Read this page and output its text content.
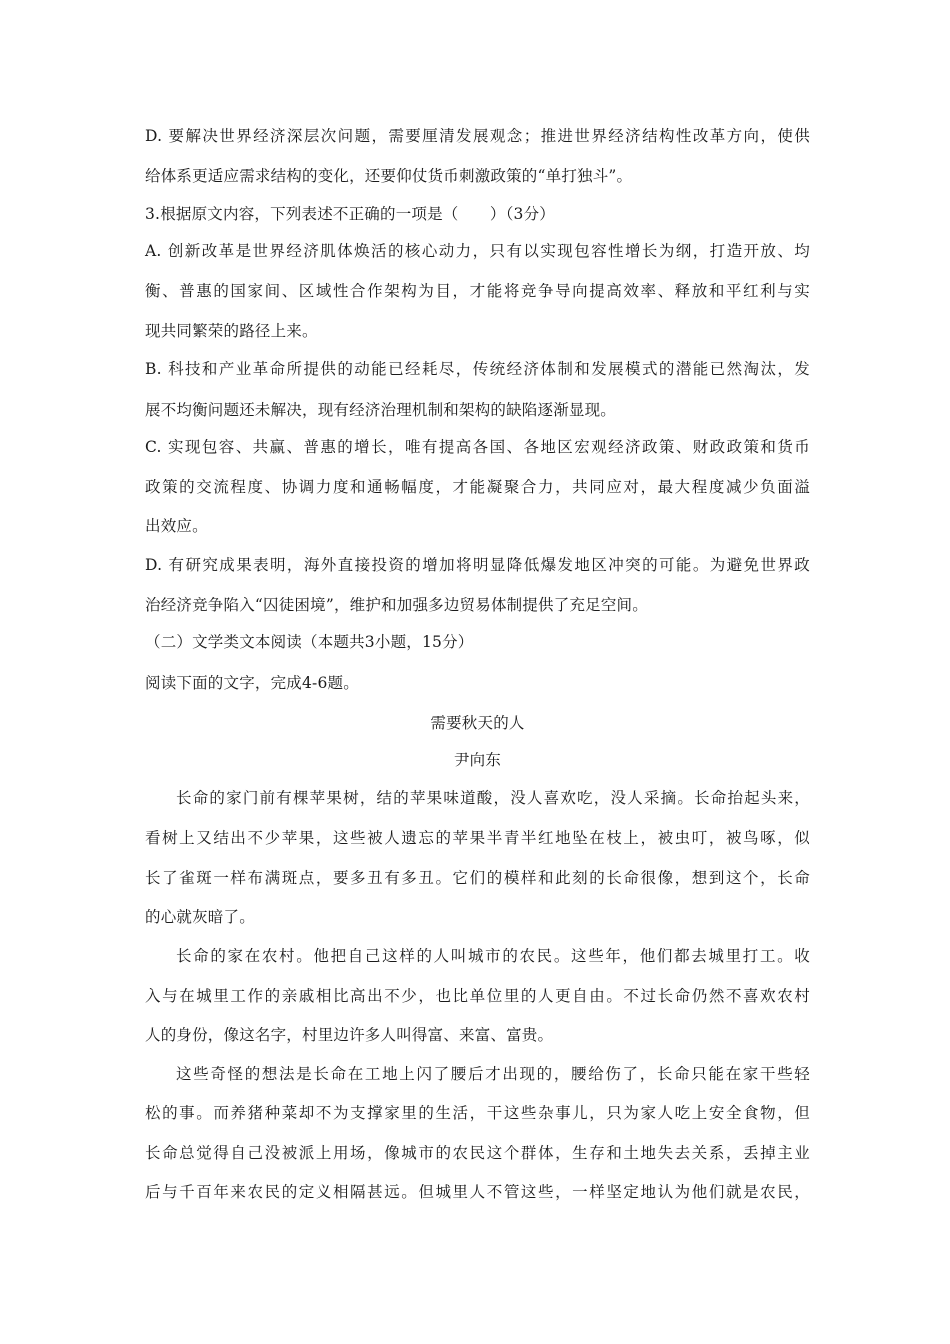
D. 要解决世界经济深层次问题，需要厘清发展观念；推进世界经济结构性改革方向，使供
给体系更适应需求结构的变化，还要仰仗货币刺激政策的“单打独斗”。
3.根据原文内容，下列表述不正确的一项是（　　）（3分）
A. 创新改革是世界经济肌体焕活的核心动力，只有以实现包容性增长为纲，打造开放、均
衡、普惠的国家间、区域性合作架构为目，才能将竞争导向提高效率、释放和平红利与实
现共同繁荣的路径上来。
B. 科技和产业革命所提供的动能已经耗尽，传统经济体制和发展模式的潜能已然淘汰，发
展不均衡问题还未解决，现有经济治理机制和架构的缺陷逐渐显现。
C. 实现包容、共赢、普惠的增长，唯有提高各国、各地区宏观经济政策、财政政策和货币
政策的交流程度、协调力度和通畅幅度，才能凝聚合力，共同应对，最大程度减少负面溢
出效应。
D. 有研究成果表明，海外直接投资的增加将明显降低爆发地区冲突的可能。为避免世界政
治经济竞争陷入“囚徒困境”，维护和加强多边贸易体制提供了充足空间。
（二）文学类文本阅读（本题共3小题，15分）
阅读下面的文字，完成4-6题。
需要秋天的人
尹向东
长命的家门前有棵苹果树，结的苹果味道酸，没人喜欢吃，没人采摘。长命抬起头来，
看树上又结出不少苹果，这些被人遗忘的苹果半青半红地坠在枝上，被虫叮，被鸟啄，似
长了雀斑一样布满斑点，要多丑有多丑。它们的模样和此刻的长命很像，想到这个，长命
的心就灰暗了。
长命的家在农村。他把自己这样的人叫城市的农民。这些年，他们都去城里打工。收
入与在城里工作的亲戚相比高出不少，也比单位里的人更自由。不过长命仍然不喜欢农村
人的身份，像这名字，村里边许多人叫得富、来富、富贵。
这些奇怪的想法是长命在工地上闪了腰后才出现的，腰给伤了，长命只能在家干些轻
松的事。而养猪种菜却不为支撑家里的生活，干这些杂事儿，只为家人吃上安全食物，但
长命总觉得自己没被派上用场，像城市的农民这个群体，生存和土地失去关系，丢掉主业
后与千百年来农民的定义相隔甚远。但城里人不管这些，一样坚定地认为他们就是农民，
